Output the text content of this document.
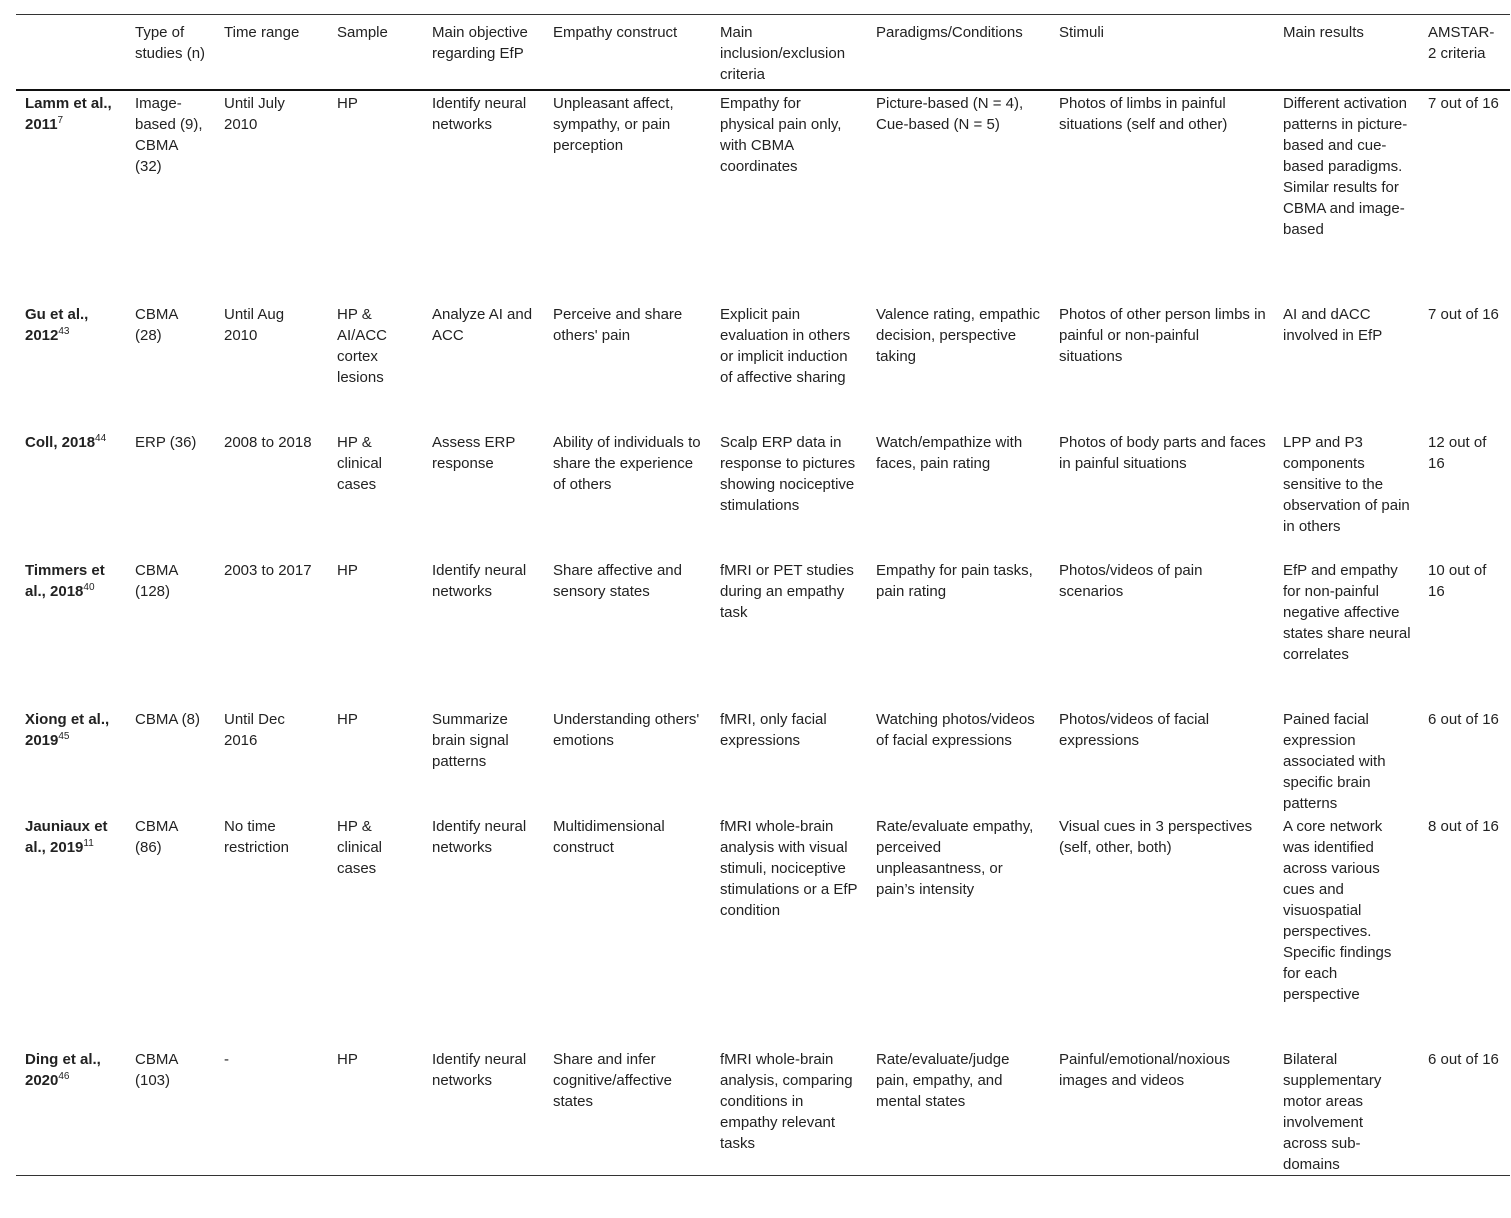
	Type of studies (n)	Time range	Sample	Main objective regarding EfP	Empathy construct	Main inclusion/exclusion criteria	Paradigms/Conditions	Stimuli	Main results	AMSTAR-2 criteria
Lamm et al., 2011$^7$	Image-based (9), CBMA (32)	Until July 2010	HP	Identify neural networks	Unpleasant affect, sympathy, or pain perception	Empathy for physical pain only, with CBMA coordinates	Picture-based (N = 4), Cue-based (N = 5)	Photos of limbs in painful situations (self and other)	Different activation patterns in picture-based and cue-based paradigms. Similar results for CBMA and image-based	7 out of 16
Gu et al., 2012$^{43}$	CBMA (28)	Until Aug 2010	HP & AI/ACC cortex lesions	Analyze AI and ACC	Perceive and share others' pain	Explicit pain evaluation in others or implicit induction of affective sharing	Valence rating, empathic decision, perspective taking	Photos of other person limbs in painful or non-painful situations	AI and dACC involved in EfP	7 out of 16
Coll, 2018$^{44}$	ERP (36)	2008 to 2018	HP & clinical cases	Assess ERP response	Ability of individuals to share the experience of others	Scalp ERP data in response to pictures showing nociceptive stimulations	Watch/empathize with faces, pain rating	Photos of body parts and faces in painful situations	LPP and P3 components sensitive to the observation of pain in others	12 out of 16
Timmers et al., 2018$^{40}$	CBMA (128)	2003 to 2017	HP	Identify neural networks	Share affective and sensory states	fMRI or PET studies during an empathy task	Empathy for pain tasks, pain rating	Photos/videos of pain scenarios	EfP and empathy for non-painful negative affective states share neural correlates	10 out of 16
Xiong et al., 2019$^{45}$	CBMA (8)	Until Dec 2016	HP	Summarize brain signal patterns	Understanding others' emotions	fMRI, only facial expressions	Watching photos/videos of facial expressions	Photos/videos of facial expressions	Pained facial expression associated with specific brain patterns	6 out of 16
Jauniaux et al., 2019$^{11}$	CBMA (86)	No time restriction	HP & clinical cases	Identify neural networks	Multidimensional construct	fMRI whole-brain analysis with visual stimuli, nociceptive stimulations or a EfP condition	Rate/evaluate empathy, perceived unpleasantness, or pain’s intensity	Visual cues in 3 perspectives (self, other, both)	A core network was identified across various cues and visuospatial perspectives. Specific findings for each perspective	8 out of 16
Ding et al., 2020$^{46}$	CBMA (103)	-	HP	Identify neural networks	Share and infer cognitive/affective states	fMRI whole-brain analysis, comparing conditions in empathy relevant tasks	Rate/evaluate/judge pain, empathy, and mental states	Painful/emotional/noxious images and videos	Bilateral supplementary motor areas involvement across sub-domains	6 out of 16
